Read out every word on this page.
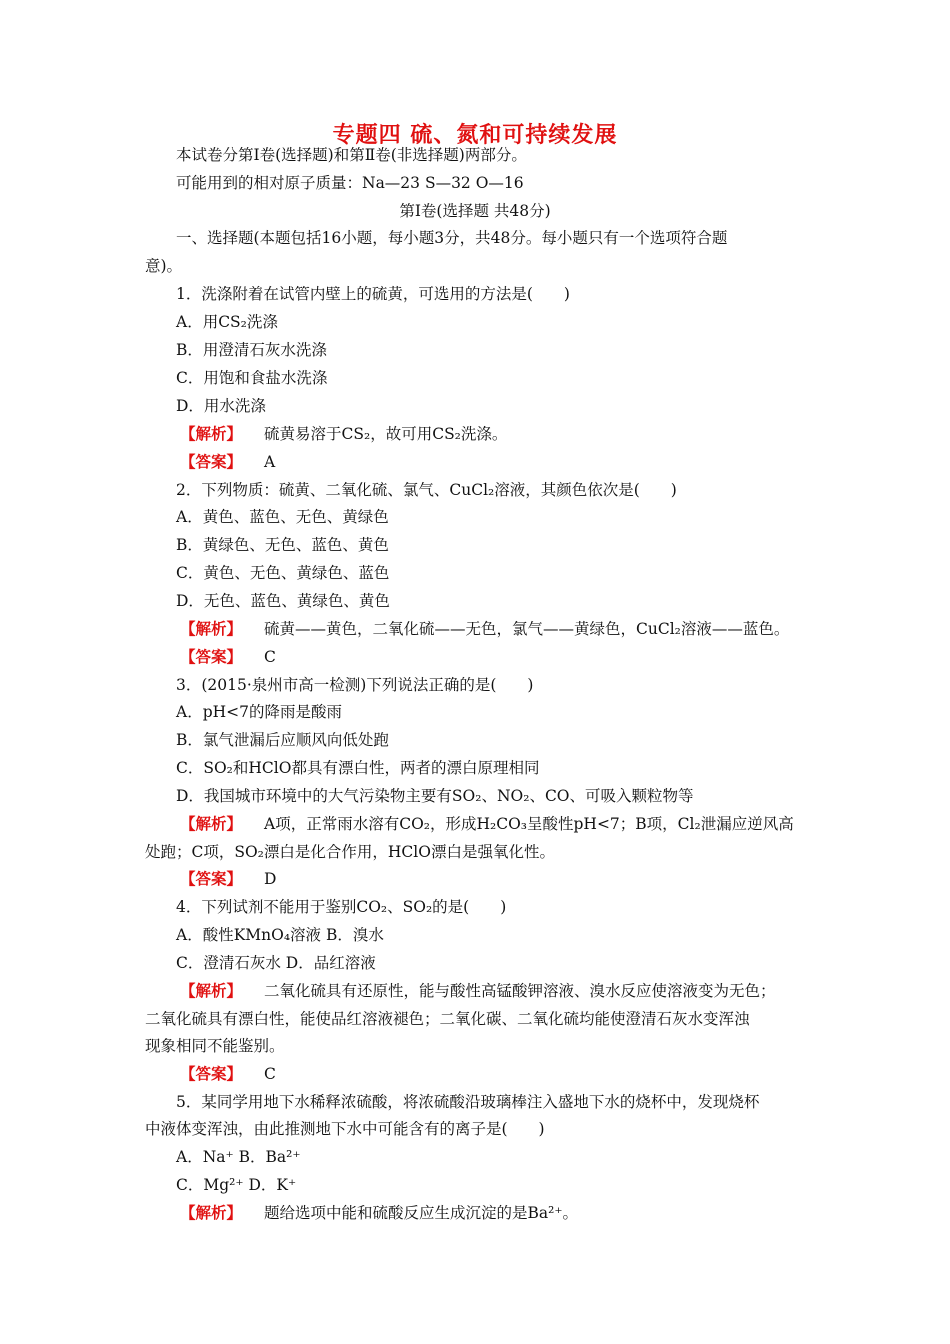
专题四 硫、氮和可持续发展
本试卷分第Ⅰ卷(选择题)和第Ⅱ卷(非选择题)两部分。
可能用到的相对原子质量：Na—23 S—32 O—16
第Ⅰ卷(选择题 共48分)
一、选择题(本题包括16小题，每小题3分，共48分。每小题只有一个选项符合题
意)。
1．洗涤附着在试管内壁上的硫黄，可选用的方法是(　　)
A．用CS₂洗涤
B．用澄清石灰水洗涤
C．用饱和食盐水洗涤
D．用水洗涤
【解析】 硫黄易溶于CS₂，故可用CS₂洗涤。
【答案】 A
2．下列物质：硫黄、二氧化硫、氯气、CuCl₂溶液，其颜色依次是(　　)
A．黄色、蓝色、无色、黄绿色
B．黄绿色、无色、蓝色、黄色
C．黄色、无色、黄绿色、蓝色
D．无色、蓝色、黄绿色、黄色
【解析】 硫黄——黄色，二氧化硫——无色，氯气——黄绿色，CuCl₂溶液——蓝色。
【答案】 C
3．(2015·泉州市高一检测)下列说法正确的是(　　)
A．pH<7的降雨是酸雨
B．氯气泄漏后应顺风向低处跑
C．SO₂和HClO都具有漂白性，两者的漂白原理相同
D．我国城市环境中的大气污染物主要有SO₂、NO₂、CO、可吸入颗粒物等
【解析】 A项，正常雨水溶有CO₂，形成H₂CO₃呈酸性pH<7；B项，Cl₂泄漏应逆风高
处跑；C项，SO₂漂白是化合作用，HClO漂白是强氧化性。
【答案】 D
4．下列试剂不能用于鉴别CO₂、SO₂的是(　　)
A．酸性KMnO₄溶液 B．溴水
C．澄清石灰水 D．品红溶液
【解析】 二氧化硫具有还原性，能与酸性高锰酸钾溶液、溴水反应使溶液变为无色；
二氧化硫具有漂白性，能使品红溶液褪色；二氧化碳、二氧化硫均能使澄清石灰水变浑浊
现象相同不能鉴别。
【答案】 C
5．某同学用地下水稀释浓硫酸，将浓硫酸沿玻璃棒注入盛地下水的烧杯中，发现烧杯
中液体变浑浊，由此推测地下水中可能含有的离子是(　　)
A．Na⁺ B．Ba²⁺
C．Mg²⁺ D．K⁺
【解析】 题给选项中能和硫酸反应生成沉淀的是Ba²⁺。
